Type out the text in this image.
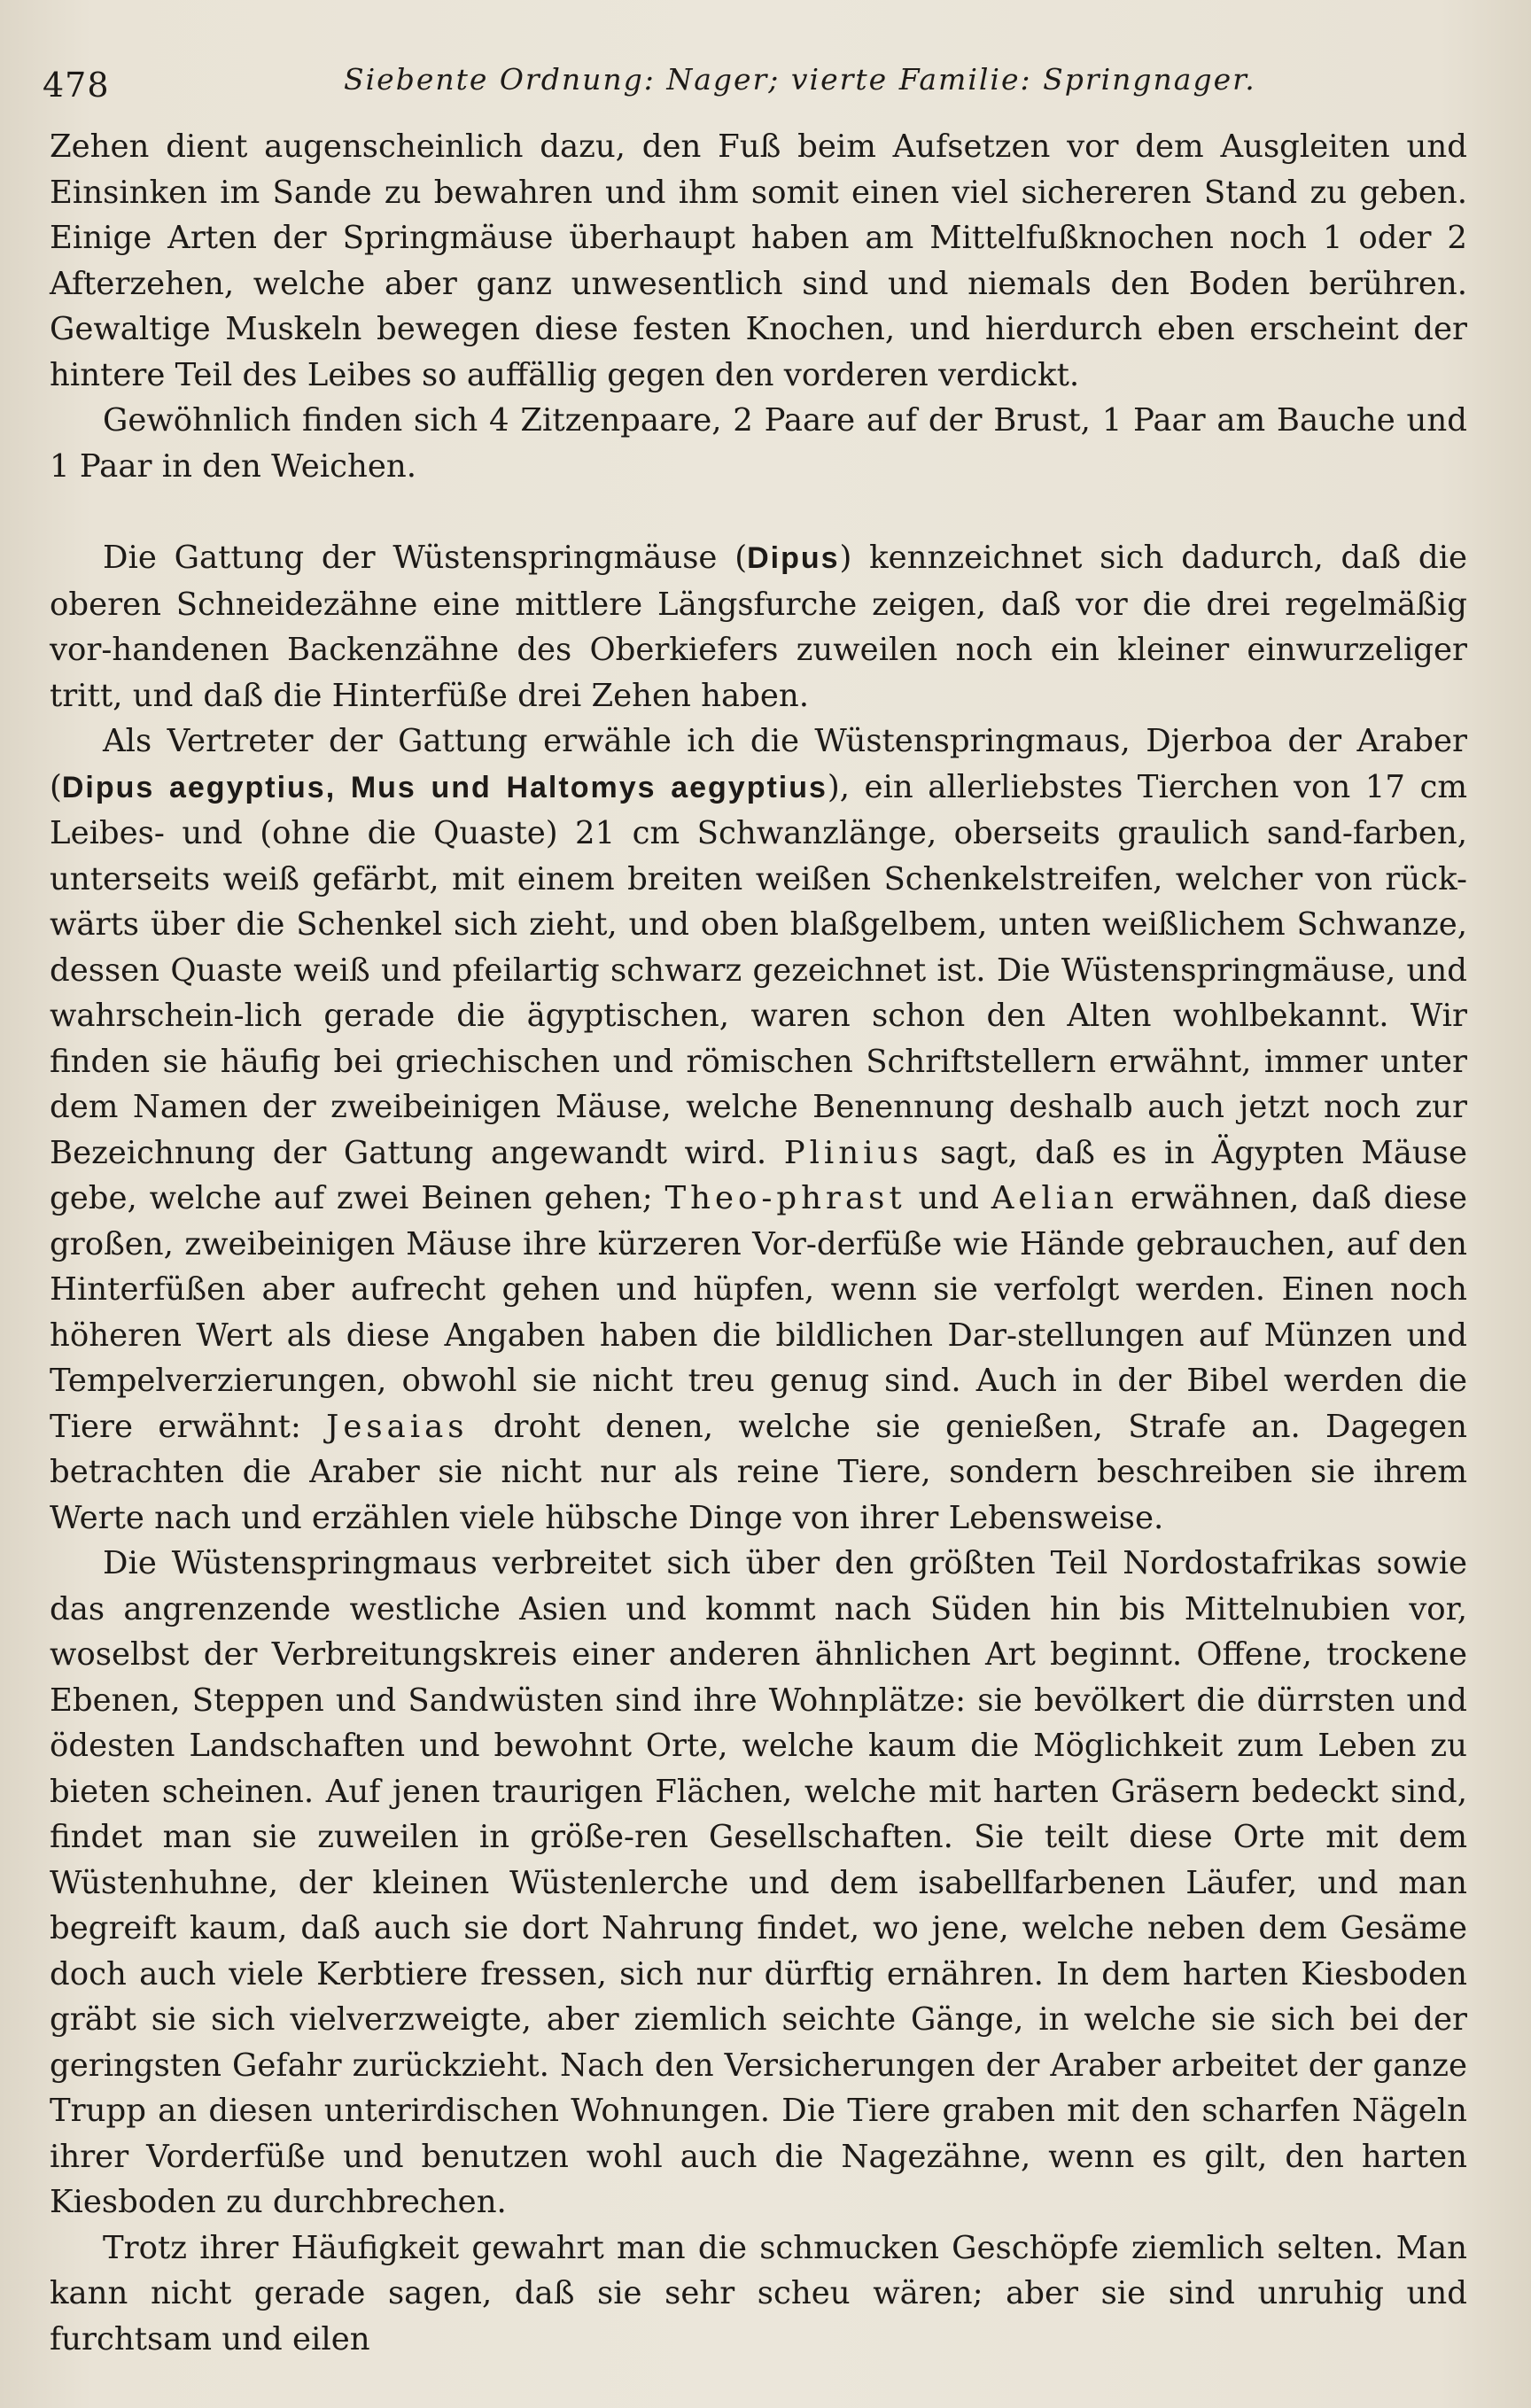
478	Siebente Ordnung: Nager; vierte Familie: Springnager.

Zehen dient augenscheinlich dazu, den Fuß beim Aufsetzen vor dem Ausgleiten und Einsinken im Sande zu bewahren und ihm somit einen viel sichereren Stand zu geben. Einige Arten der Springmäuse überhaupt haben am Mittelfußknochen noch 1 oder 2 Afterzehen, welche aber ganz unwesentlich sind und niemals den Boden berühren. Gewaltige Muskeln bewegen diese festen Knochen, und hierdurch eben erscheint der hintere Teil des Leibes so auffällig gegen den vorderen verdickt.

Gewöhnlich finden sich 4 Zitzenpaare, 2 Paare auf der Brust, 1 Paar am Bauche und 1 Paar in den Weichen.

Die Gattung der Wüstenspringmäuse (Dipus) kennzeichnet sich dadurch, daß die oberen Schneidezähne eine mittlere Längsfurche zeigen, daß vor die drei regelmäßig vor-handenen Backenzähne des Oberkiefers zuweilen noch ein kleiner einwurzeliger tritt, und daß die Hinterfüße drei Zehen haben.

Als Vertreter der Gattung erwähle ich die Wüstenspringmaus, Djerboa der Araber (Dipus aegyptius, Mus und Haltomys aegyptius), ein allerliebstes Tierchen von 17 cm Leibes- und (ohne die Quaste) 21 cm Schwanzlänge, oberseits graulich sand-farben, unterseits weiß gefärbt, mit einem breiten weißen Schenkelstreifen, welcher von rück-wärts über die Schenkel sich zieht, und oben blaßgelbem, unten weißlichem Schwanze, dessen Quaste weiß und pfeilartig schwarz gezeichnet ist. Die Wüstenspringmäuse, und wahrschein-lich gerade die ägyptischen, waren schon den Alten wohlbekannt. Wir finden sie häufig bei griechischen und römischen Schriftstellern erwähnt, immer unter dem Namen der zweibeinigen Mäuse, welche Benennung deshalb auch jetzt noch zur Bezeichnung der Gattung angewandt wird. Plinius sagt, daß es in Ägypten Mäuse gebe, welche auf zwei Beinen gehen; Theo-phrast und Aelian erwähnen, daß diese großen, zweibeinigen Mäuse ihre kürzeren Vor-derfüße wie Hände gebrauchen, auf den Hinterfüßen aber aufrecht gehen und hüpfen, wenn sie verfolgt werden. Einen noch höheren Wert als diese Angaben haben die bildlichen Dar-stellungen auf Münzen und Tempelverzierungen, obwohl sie nicht treu genug sind. Auch in der Bibel werden die Tiere erwähnt: Jesaias droht denen, welche sie genießen, Strafe an. Dagegen betrachten die Araber sie nicht nur als reine Tiere, sondern beschreiben sie ihrem Werte nach und erzählen viele hübsche Dinge von ihrer Lebensweise.

Die Wüstenspringmaus verbreitet sich über den größten Teil Nordostafrikas sowie das angrenzende westliche Asien und kommt nach Süden hin bis Mittelnubien vor, woselbst der Verbreitungskreis einer anderen ähnlichen Art beginnt. Offene, trockene Ebenen, Steppen und Sandwüsten sind ihre Wohnplätze: sie bevölkert die dürrsten und ödesten Landschaften und bewohnt Orte, welche kaum die Möglichkeit zum Leben zu bieten scheinen. Auf jenen traurigen Flächen, welche mit harten Gräsern bedeckt sind, findet man sie zuweilen in größe-ren Gesellschaften. Sie teilt diese Orte mit dem Wüstenhuhne, der kleinen Wüstenlerche und dem isabellfarbenen Läufer, und man begreift kaum, daß auch sie dort Nahrung findet, wo jene, welche neben dem Gesäme doch auch viele Kerbtiere fressen, sich nur dürftig ernähren. In dem harten Kiesboden gräbt sie sich vielverzweigte, aber ziemlich seichte Gänge, in welche sie sich bei der geringsten Gefahr zurückzieht. Nach den Versicherungen der Araber arbeitet der ganze Trupp an diesen unterirdischen Wohnungen. Die Tiere graben mit den scharfen Nägeln ihrer Vorderfüße und benutzen wohl auch die Nagezähne, wenn es gilt, den harten Kiesboden zu durchbrechen.

Trotz ihrer Häufigkeit gewahrt man die schmucken Geschöpfe ziemlich selten. Man kann nicht gerade sagen, daß sie sehr scheu wären; aber sie sind unruhig und furchtsam und eilen
